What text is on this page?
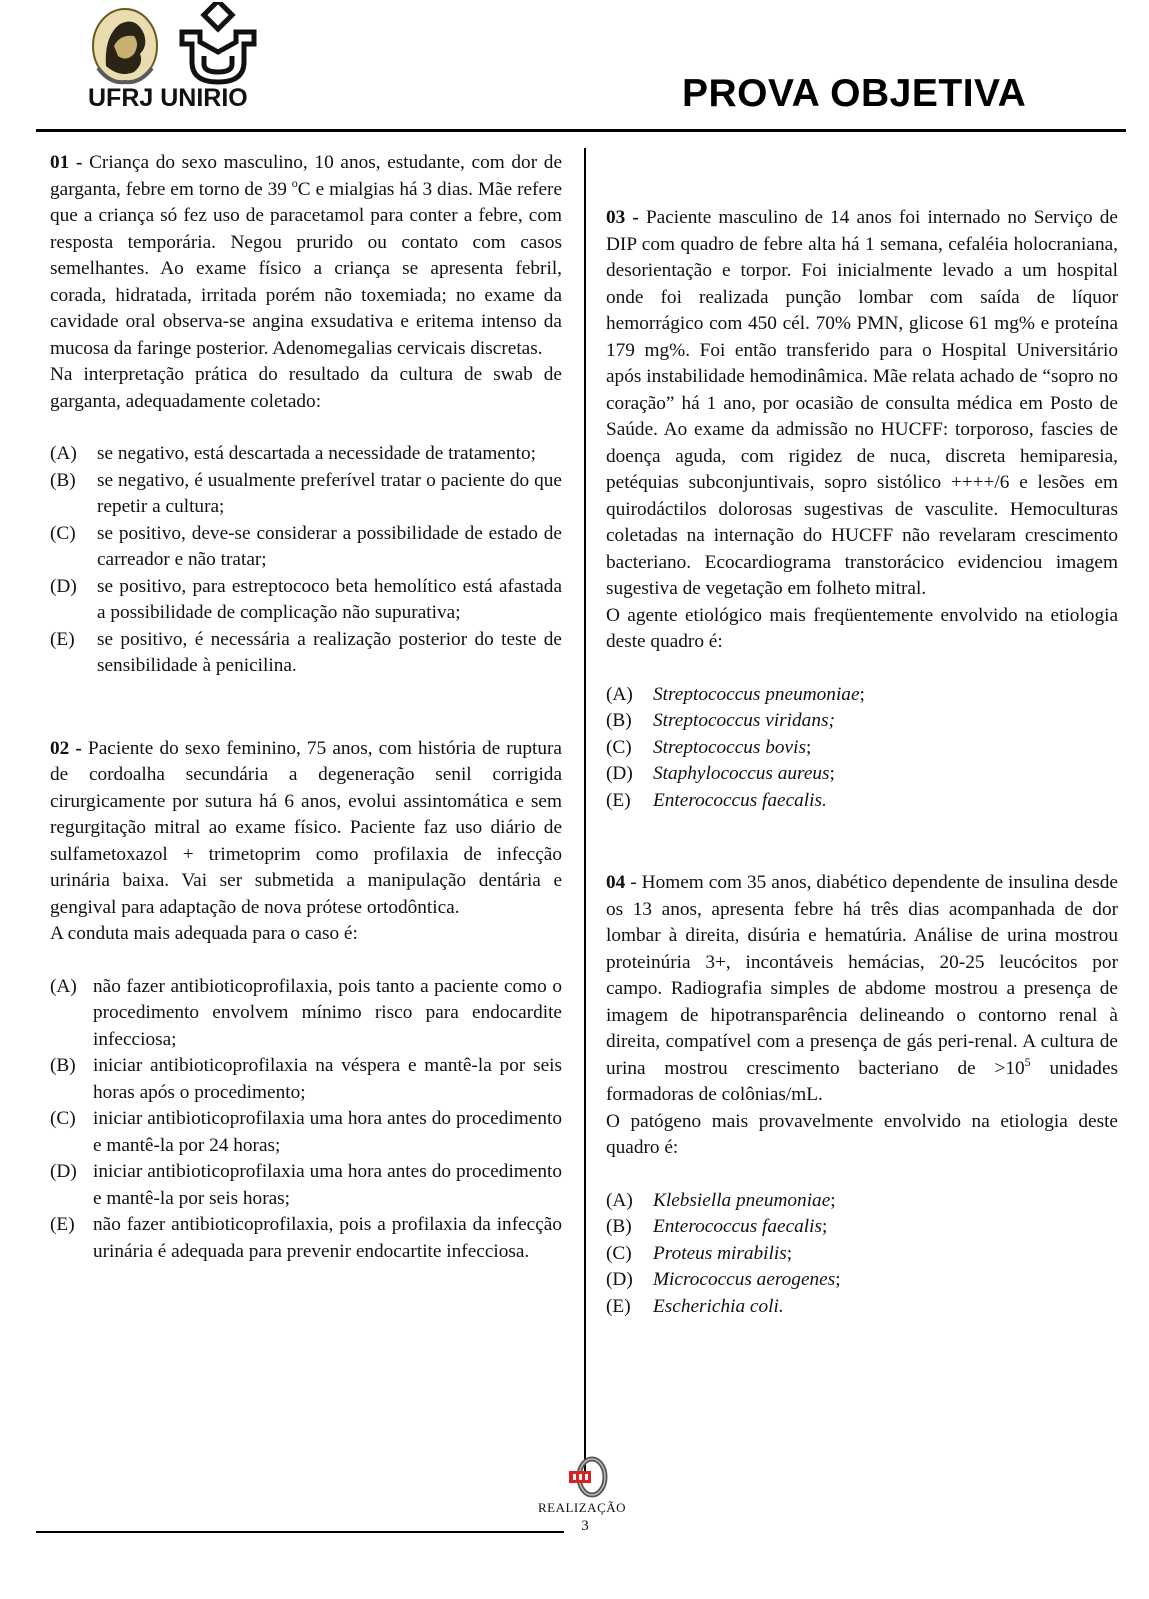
UFRJ UNIRIO	PROVA OBJETIVA

01 - Criança do sexo masculino, 10 anos, estudante, com dor de garganta, febre em torno de 39 $^o$C e mialgias há 3 dias. Mãe refere que a criança só fez uso de paracetamol para conter a febre, com resposta temporária. Negou prurido ou contato com casos semelhantes. Ao exame físico a criança se apresenta febril, corada, hidratada, irritada porém não toxemiada; no exame da cavidade oral observa-se angina exsudativa e eritema intenso da mucosa da faringe posterior. Adenomegalias cervicais discretas.

Na interpretação prática do resultado da cultura de swab de garganta, adequadamente coletado:

(A)	se negativo, está descartada a necessidade de tratamento;
(B)	se negativo, é usualmente preferível tratar o paciente do que repetir a cultura;
(C)	se positivo, deve-se considerar a possibilidade de estado de carreador e não tratar;
(D)	se positivo, para estreptococo beta hemolítico está afastada a possibilidade de complicação não supurativa;
(E)	se positivo, é necessária a realização posterior do teste de sensibilidade à penicilina.

02 - Paciente do sexo feminino, 75 anos, com história de ruptura de cordoalha secundária a degeneração senil corrigida cirurgicamente por sutura há 6 anos, evolui assintomática e sem regurgitação mitral ao exame físico. Paciente faz uso diário de sulfametoxazol + trimetoprim como profilaxia de infecção urinária baixa. Vai ser submetida a manipulação dentária e gengival para adaptação de nova prótese ortodôntica.

A conduta mais adequada para o caso é:

(A) não fazer antibioticoprofilaxia, pois tanto a paciente como o procedimento envolvem mínimo risco para endocardite infecciosa;
(B) iniciar antibioticoprofilaxia na véspera e mantê-la por seis horas após o procedimento;
(C) iniciar antibioticoprofilaxia uma hora antes do procedimento e mantê-la por 24 horas;
(D) iniciar antibioticoprofilaxia uma hora antes do procedimento e mantê-la por seis horas;
(E) não fazer antibioticoprofilaxia, pois a profilaxia da infecção urinária é adequada para prevenir endocartite infecciosa.

03 - Paciente masculino de 14 anos foi internado no Serviço de DIP com quadro de febre alta há 1 semana, cefaléia holocraniana, desorientação e torpor. Foi inicialmente levado a um hospital onde foi realizada punção lombar com saída de líquor hemorrágico com 450 cél. 70% PMN, glicose 61 mg% e proteína 179 mg%. Foi então transferido para o Hospital Universitário após instabilidade hemodinâmica. Mãe relata achado de “sopro no coração” há 1 ano, por ocasião de consulta médica em Posto de Saúde. Ao exame da admissão no HUCFF: torporoso, fascies de doença aguda, com rigidez de nuca, discreta hemiparesia, petéquias subconjuntivais, sopro sistólico ++++/6 e lesões em quirodáctilos dolorosas sugestivas de vasculite. Hemoculturas coletadas na internação do HUCFF não revelaram crescimento bacteriano. Ecocardiograma transtorácico evidenciou imagem sugestiva de vegetação em folheto mitral.

O agente etiológico mais freqüentemente envolvido na etiologia deste quadro é:

(A)	Streptococcus pneumoniae;
(B)	Streptococcus viridans;
(C)	Streptococcus bovis;
(D)	Staphylococcus aureus;
(E)	Enterococcus faecalis.

04 - Homem com 35 anos, diabético dependente de insulina desde os 13 anos, apresenta febre há três dias acompanhada de dor lombar à direita, disúria e hematúria. Análise de urina mostrou proteinúria 3+, incontáveis hemácias, 20-25 leucócitos por campo. Radiografia simples de abdome mostrou a presença de imagem de hipotransparência delineando o contorno renal à direita, compatível com a presença de gás peri-renal. A cultura de urina mostrou crescimento bacteriano de $>10^5$ unidades formadoras de colônias/mL.

O patógeno mais provavelmente envolvido na etiologia deste quadro é:

(A)	Klebsiella pneumoniae;
(B)	Enterococcus faecalis;
(C)	Proteus mirabilis;
(D)	Micrococcus aerogenes;
(E)	Escherichia coli.
REALIZAÇÃO
3
